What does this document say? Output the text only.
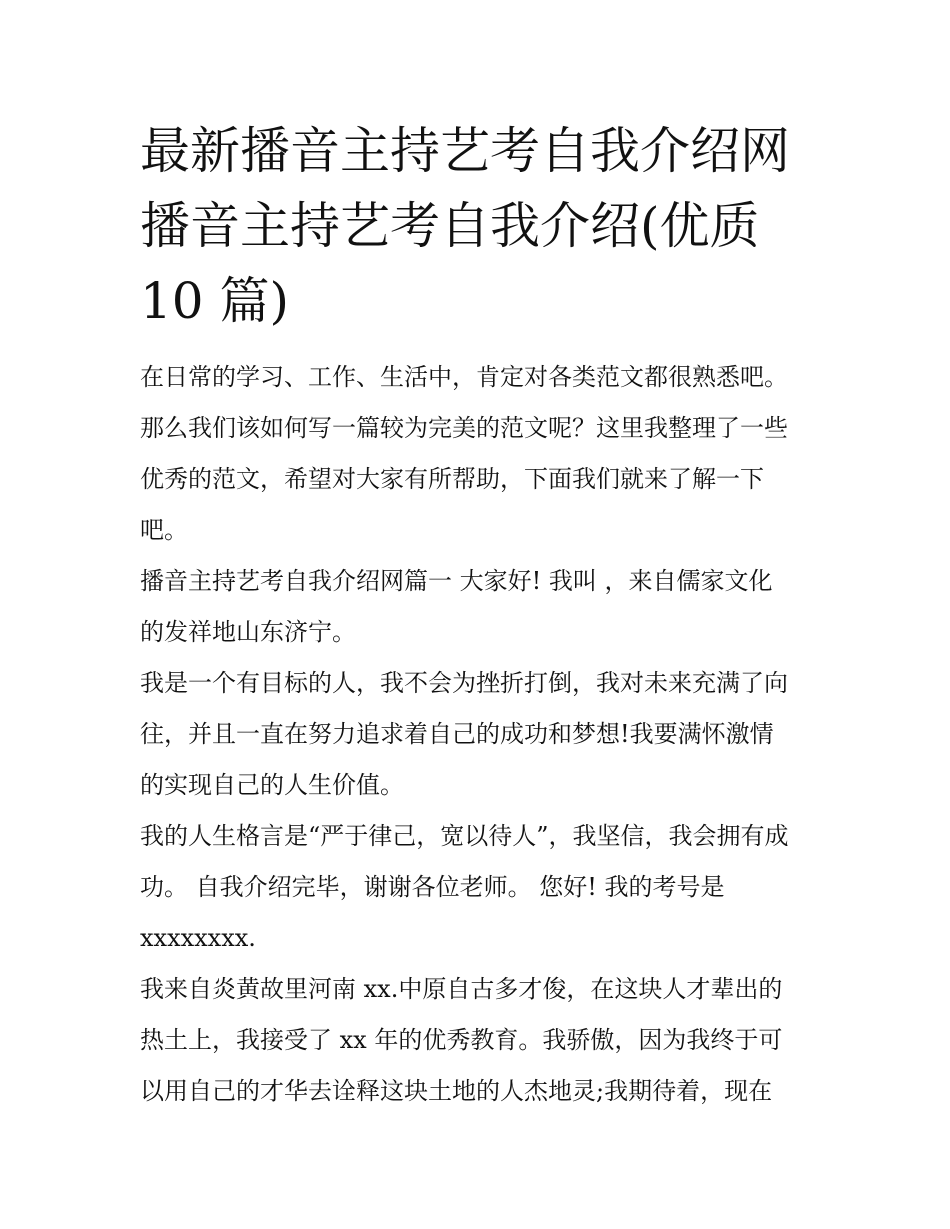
最新播音主持艺考自我介绍网
播音主持艺考自我介绍(优质
10 篇)

在日常的学习、工作、生活中，肯定对各类范文都很熟悉吧。
那么我们该如何写一篇较为完美的范文呢？这里我整理了一些
优秀的范文，希望对大家有所帮助，下面我们就来了解一下
吧。

播音主持艺考自我介绍网篇一 大家好! 我叫 ，来自儒家文化
的发祥地山东济宁。

我是一个有目标的人，我不会为挫折打倒，我对未来充满了向
往，并且一直在努力追求着自己的成功和梦想!我要满怀激情
的实现自己的人生价值。

我的人生格言是“严于律己，宽以待人”，我坚信，我会拥有成
功。 自我介绍完毕，谢谢各位老师。 您好! 我的考号是
xxxxxxxx.

我来自炎黄故里河南 xx.中原自古多才俊，在这块人才辈出的
热土上，我接受了 xx 年的优秀教育。我骄傲，因为我终于可
以用自己的才华去诠释这块土地的人杰地灵;我期待着，现在
